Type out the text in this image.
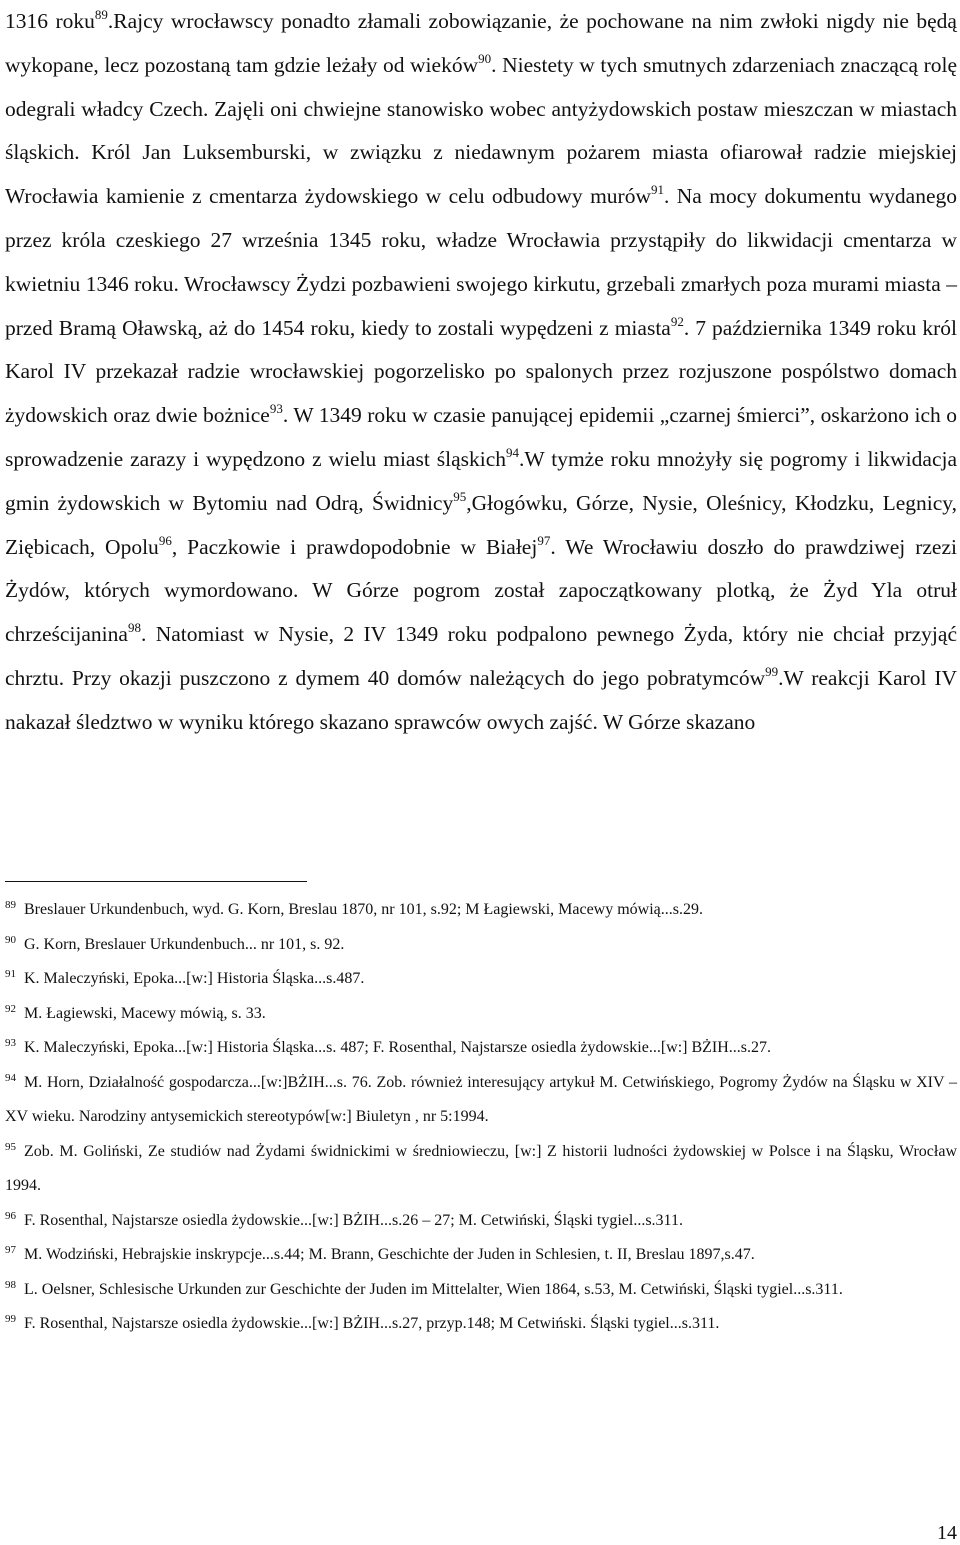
1316 roku$^{89}$.Rajcy wrocławscy ponadto złamali zobowiązanie, że pochowane na nim zwłoki nigdy nie będą wykopane, lecz pozostaną tam gdzie leżały od wieków$^{90}$. Niestety w tych smutnych zdarzeniach znaczącą rolę odegrali władcy Czech. Zajęli oni chwiejne stanowisko wobec antyżydowskich postaw mieszczan w miastach śląskich. Król Jan Luksemburski, w związku z niedawnym pożarem miasta ofiarował radzie miejskiej Wrocławia kamienie z cmentarza żydowskiego w celu odbudowy murów$^{91}$. Na mocy dokumentu wydanego przez króla czeskiego 27 września 1345 roku, władze Wrocławia przystąpiły do likwidacji cmentarza w kwietniu 1346 roku. Wrocławscy Żydzi pozbawieni swojego kirkutu, grzebali zmarłych poza murami miasta – przed Bramą Oławską, aż do 1454 roku, kiedy to zostali wypędzeni z miasta$^{92}$. 7 października 1349 roku król Karol IV przekazał radzie wrocławskiej pogorzelisko po spalonych przez rozjuszone pospólstwo domach żydowskich oraz dwie bożnice$^{93}$. W 1349 roku w czasie panującej epidemii „czarnej śmierci”, oskarżono ich o sprowadzenie zarazy i wypędzono z wielu miast śląskich$^{94}$.W tymże roku mnożyły się pogromy i likwidacja gmin żydowskich w Bytomiu nad Odrą, Świdnicy$^{95}$,Głogówku, Górze, Nysie, Oleśnicy, Kłodzku, Legnicy, Ziębicach, Opolu$^{96}$, Paczkowie i prawdopodobnie w Białej$^{97}$. We Wrocławiu doszło do prawdziwej rzezi Żydów, których wymordowano. W Górze pogrom został zapoczątkowany plotką, że Żyd Yla otruł chrześcijanina$^{98}$. Natomiast w Nysie, 2 IV 1349 roku podpalono pewnego Żyda, który nie chciał przyjąć chrztu. Przy okazji puszczono z dymem 40 domów należących do jego pobratymców$^{99}$.W reakcji Karol IV nakazał śledztwo w wyniku którego skazano sprawców owych zajść. W Górze skazano

$^{89}$ Breslauer Urkundenbuch, wyd. G. Korn, Breslau 1870, nr 101, s.92; M Łagiewski, Macewy mówią...s.29.

$^{90}$ G. Korn, Breslauer Urkundenbuch... nr 101, s. 92.

$^{91}$ K. Maleczyński, Epoka...[w:] Historia Śląska...s.487.

$^{92}$ M. Łagiewski, Macewy mówią, s. 33.

$^{93}$ K. Maleczyński, Epoka...[w:] Historia Śląska...s. 487; F. Rosenthal, Najstarsze osiedla żydowskie...[w:] BŻIH...s.27.

$^{94}$ M. Horn, Działalność gospodarcza...[w:]BŻIH...s. 76. Zob. również interesujący artykuł M. Cetwińskiego, Pogromy Żydów na Śląsku w XIV – XV wieku. Narodziny antysemickich stereotypów[w:] Biuletyn , nr 5:1994.

$^{95}$ Zob. M. Goliński, Ze studiów nad Żydami świdnickimi w średniowieczu, [w:] Z historii ludności żydowskiej w Polsce i na Śląsku, Wrocław 1994.

$^{96}$ F. Rosenthal, Najstarsze osiedla żydowskie...[w:] BŻIH...s.26 – 27; M. Cetwiński, Śląski tygiel...s.311.

$^{97}$ M. Wodziński, Hebrajskie inskrypcje...s.44; M. Brann, Geschichte der Juden in Schlesien, t. II, Breslau 1897,s.47.

$^{98}$ L. Oelsner, Schlesische Urkunden zur Geschichte der Juden im Mittelalter, Wien 1864, s.53, M. Cetwiński, Śląski tygiel...s.311.

$^{99}$ F. Rosenthal, Najstarsze osiedla żydowskie...[w:] BŻIH...s.27, przyp.148; M Cetwiński. Śląski tygiel...s.311.

14
